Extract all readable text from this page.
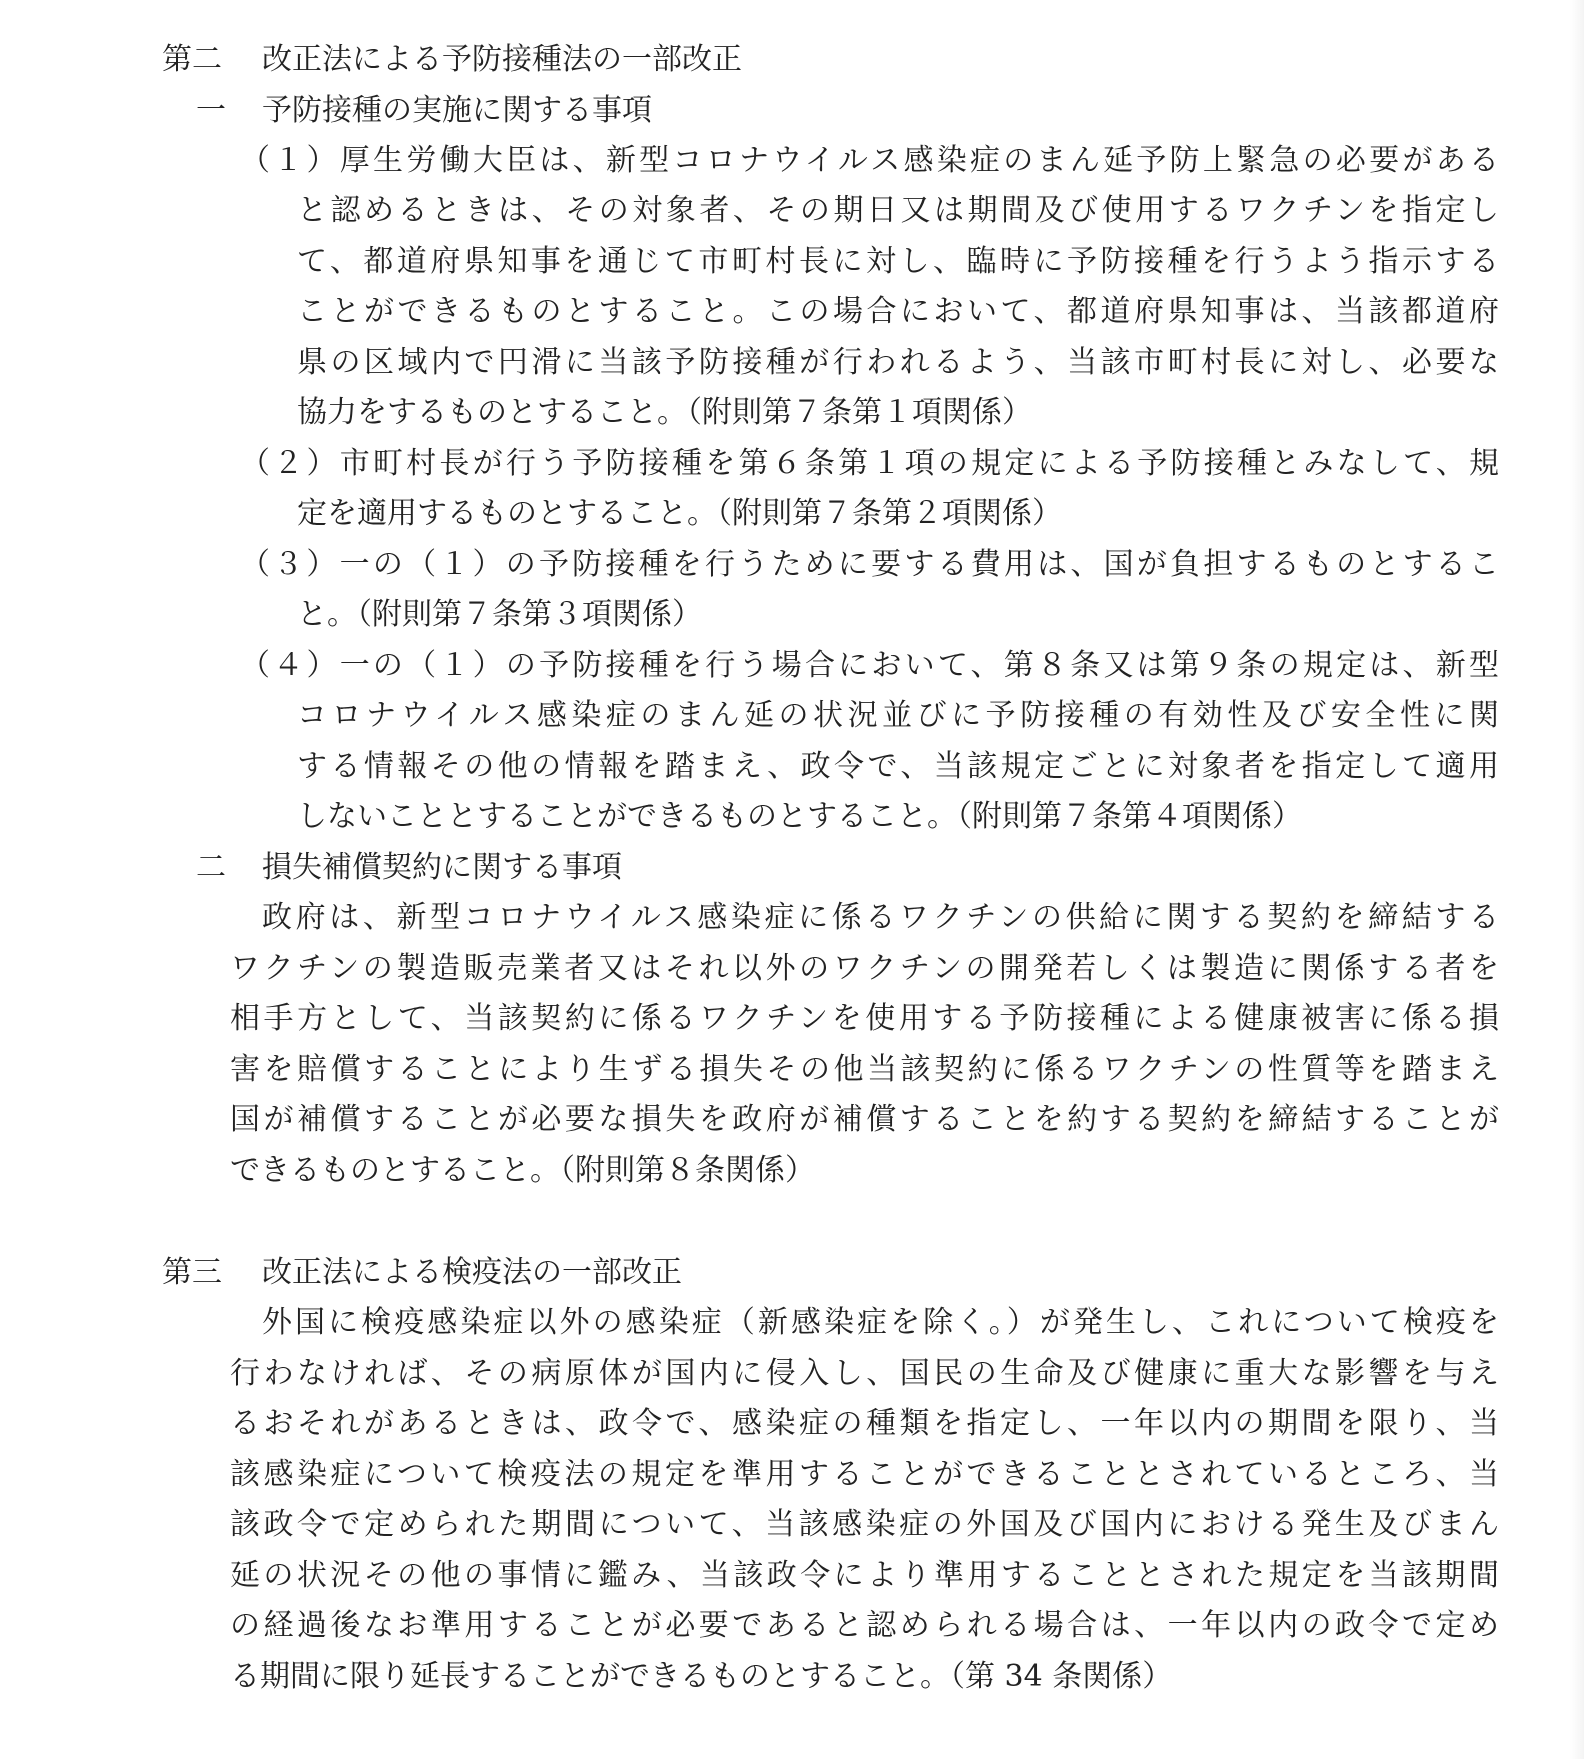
第二 改正法による予防接種法の一部改正
一 予防接種の実施に関する事項
（１）厚生労働大臣は、新型コロナウイルス感染症のまん延予防上緊急の必要がある
と認めるときは、その対象者、その期日又は期間及び使用するワクチンを指定し
て、都道府県知事を通じて市町村長に対し、臨時に予防接種を行うよう指示する
ことができるものとすること。この場合において、都道府県知事は、当該都道府
県の区域内で円滑に当該予防接種が行われるよう、当該市町村長に対し、必要な
協力をするものとすること。（附則第７条第１項関係）
（２）市町村長が行う予防接種を第６条第１項の規定による予防接種とみなして、規
定を適用するものとすること。（附則第７条第２項関係）
（３）一の（１）の予防接種を行うために要する費用は、国が負担するものとするこ
と。（附則第７条第３項関係）
（４）一の（１）の予防接種を行う場合において、第８条又は第９条の規定は、新型
コロナウイルス感染症のまん延の状況並びに予防接種の有効性及び安全性に関
する情報その他の情報を踏まえ、政令で、当該規定ごとに対象者を指定して適用
しないこととすることができるものとすること。（附則第７条第４項関係）
二 損失補償契約に関する事項
政府は、新型コロナウイルス感染症に係るワクチンの供給に関する契約を締結する
ワクチンの製造販売業者又はそれ以外のワクチンの開発若しくは製造に関係する者を
相手方として、当該契約に係るワクチンを使用する予防接種による健康被害に係る損
害を賠償することにより生ずる損失その他当該契約に係るワクチンの性質等を踏まえ
国が補償することが必要な損失を政府が補償することを約する契約を締結することが
できるものとすること。（附則第８条関係）
第三 改正法による検疫法の一部改正
外国に検疫感染症以外の感染症（新感染症を除く。）が発生し、これについて検疫を
行わなければ、その病原体が国内に侵入し、国民の生命及び健康に重大な影響を与え
るおそれがあるときは、政令で、感染症の種類を指定し、一年以内の期間を限り、当
該感染症について検疫法の規定を準用することができることとされているところ、当
該政令で定められた期間について、当該感染症の外国及び国内における発生及びまん
延の状況その他の事情に鑑み、当該政令により準用することとされた規定を当該期間
の経過後なお準用することが必要であると認められる場合は、一年以内の政令で定め
る期間に限り延長することができるものとすること。（第 34 条関係）
